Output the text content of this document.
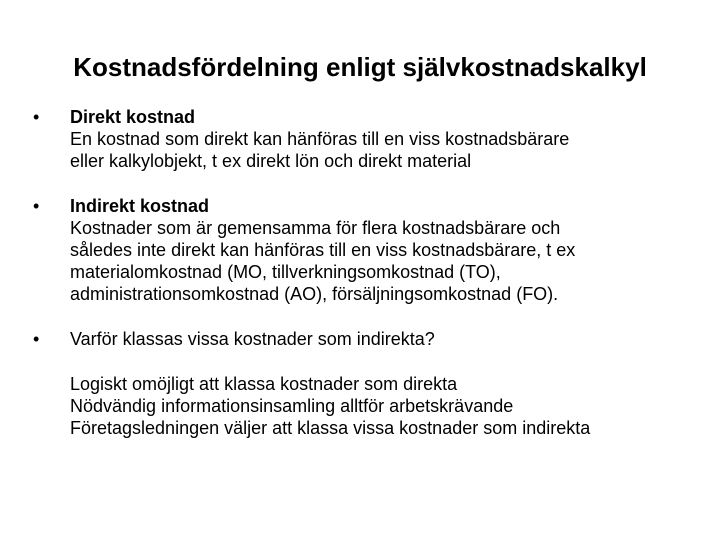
Kostnadsfördelning enligt självkostnadskalkyl
• Direkt kostnad
En kostnad som direkt kan hänföras till en viss kostnadsbärare
eller kalkylobjekt, t ex direkt lön och direkt material
• Indirekt kostnad
Kostnader som är gemensamma för flera kostnadsbärare och
således inte direkt kan hänföras till en viss kostnadsbärare, t ex
materialomkostnad (MO, tillverkningsomkostnad (TO),
administrationsomkostnad (AO), försäljningsomkostnad (FO).
• Varför klassas vissa kostnader som indirekta?
Logiskt omöjligt att klassa kostnader som direkta
Nödvändig informationsinsamling alltför arbetskrävande
Företagsledningen väljer att klassa vissa kostnader som indirekta
